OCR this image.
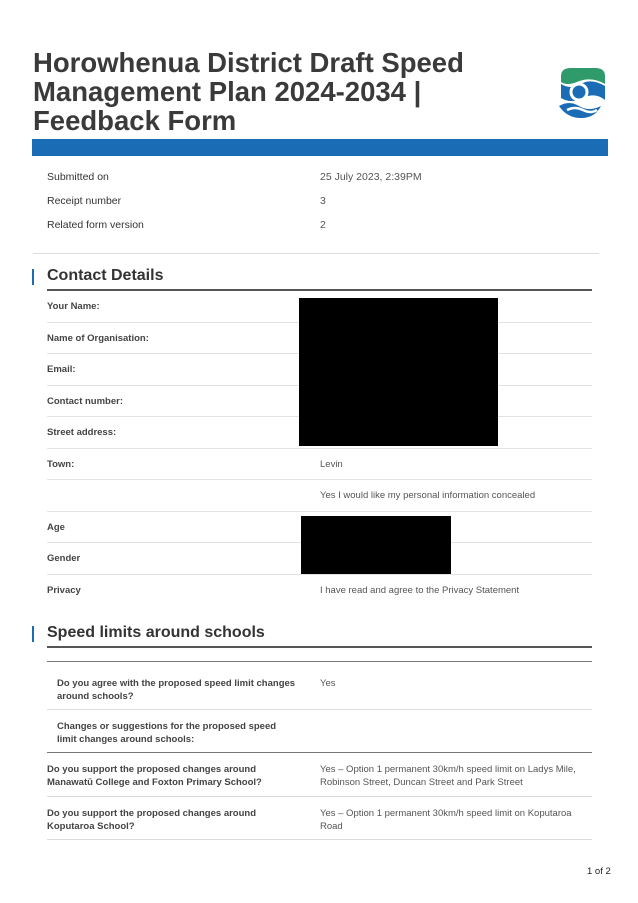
Horowhenua District Draft Speed Management Plan 2024-2034 | Feedback Form
Submitted on	25 July 2023, 2:39PM
Receipt number	3
Related form version	2
Contact Details
Your Name:
Name of Organisation:
Email:
Contact number:
Street address:
Town:	Levin
Yes I would like my personal information concealed
Age
Gender
Privacy	I have read and agree to the Privacy Statement
Speed limits around schools
Do you agree with the proposed speed limit changes around schools?
Yes
Changes or suggestions for the proposed speed limit changes around schools:
Do you support the proposed changes around Manawatū College and Foxton Primary School?
Yes – Option 1 permanent 30km/h speed limit on Ladys Mile, Robinson Street, Duncan Street and Park Street
Do you support the proposed changes around Koputaroa School?
Yes – Option 1 permanent 30km/h speed limit on Koputaroa Road
1 of 2
